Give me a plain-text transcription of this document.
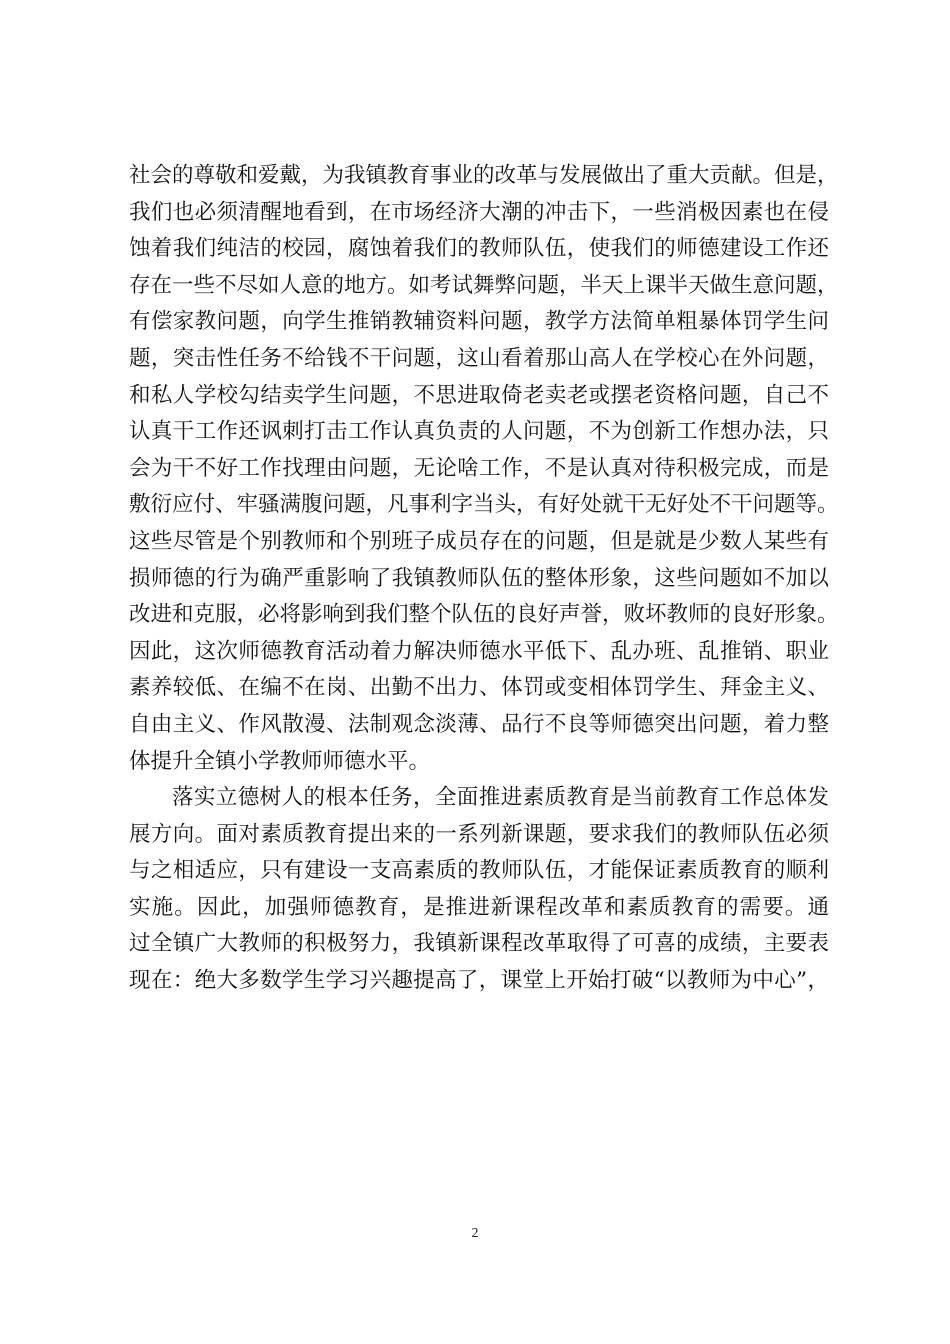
社会的尊敬和爱戴，为我镇教育事业的改革与发展做出了重大贡献。但是，
我们也必须清醒地看到，在市场经济大潮的冲击下，一些消极因素也在侵
蚀着我们纯洁的校园，腐蚀着我们的教师队伍，使我们的师德建设工作还
存在一些不尽如人意的地方。如考试舞弊问题，半天上课半天做生意问题，
有偿家教问题，向学生推销教辅资料问题，教学方法简单粗暴体罚学生问
题，突击性任务不给钱不干问题，这山看着那山高人在学校心在外问题，
和私人学校勾结卖学生问题，不思进取倚老卖老或摆老资格问题，自己不
认真干工作还讽刺打击工作认真负责的人问题，不为创新工作想办法，只
会为干不好工作找理由问题，无论啥工作，不是认真对待积极完成，而是
敷衍应付、牢骚满腹问题，凡事利字当头，有好处就干无好处不干问题等。
这些尽管是个别教师和个别班子成员存在的问题，但是就是少数人某些有
损师德的行为确严重影响了我镇教师队伍的整体形象，这些问题如不加以
改进和克服，必将影响到我们整个队伍的良好声誉，败坏教师的良好形象。
因此，这次师德教育活动着力解决师德水平低下、乱办班、乱推销、职业
素养较低、在编不在岗、出勤不出力、体罚或变相体罚学生、拜金主义、
自由主义、作风散漫、法制观念淡薄、品行不良等师德突出问题，着力整
体提升全镇小学教师师德水平。
落实立德树人的根本任务，全面推进素质教育是当前教育工作总体发
展方向。面对素质教育提出来的一系列新课题，要求我们的教师队伍必须
与之相适应，只有建设一支高素质的教师队伍，才能保证素质教育的顺利
实施。因此，加强师德教育，是推进新课程改革和素质教育的需要。通
过全镇广大教师的积极努力，我镇新课程改革取得了可喜的成绩，主要表
现在：绝大多数学生学习兴趣提高了，课堂上开始打破“以教师为中心”，
2
